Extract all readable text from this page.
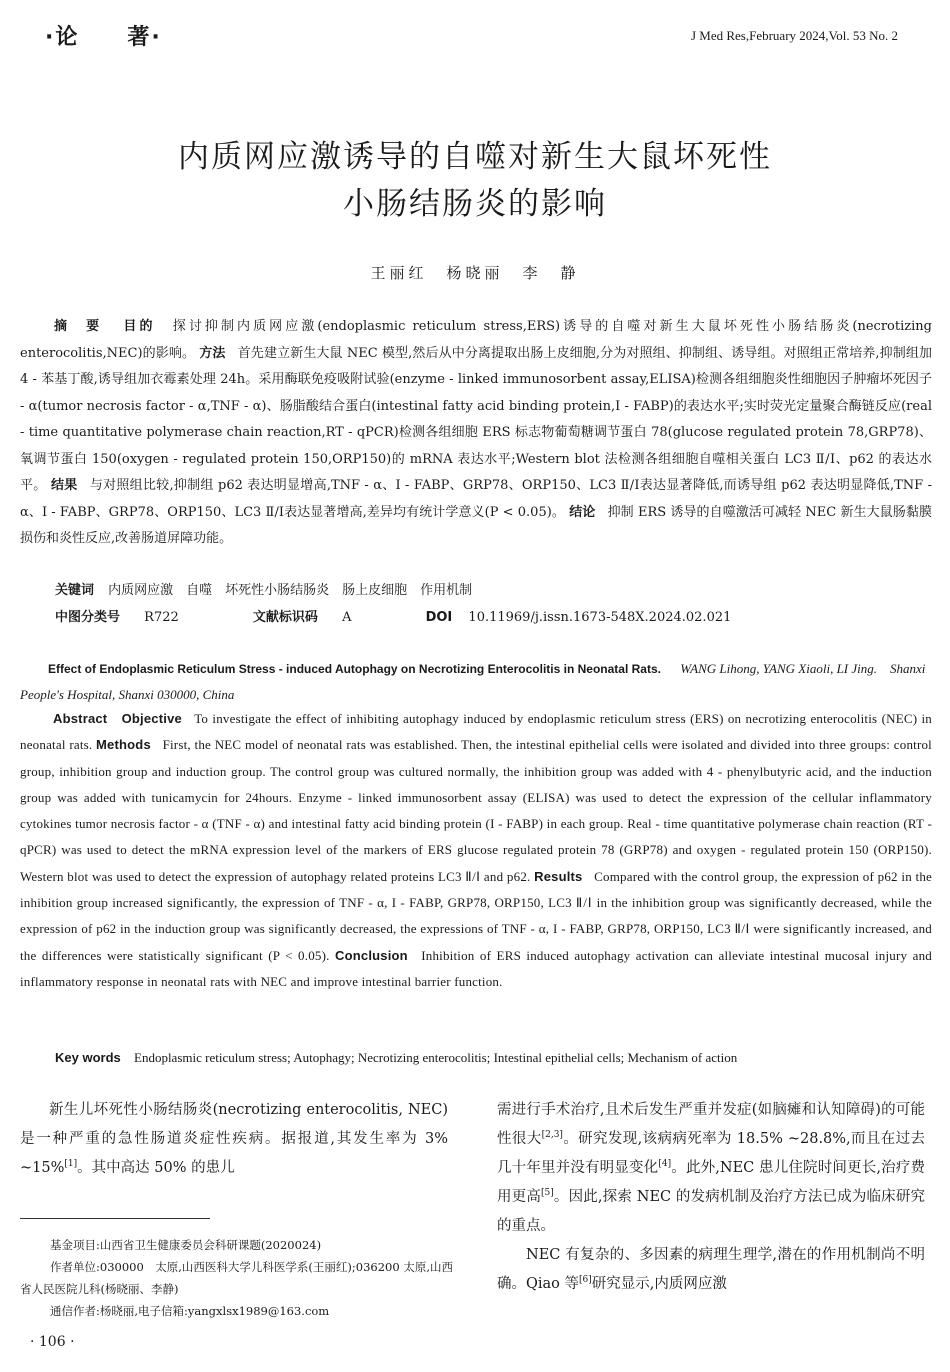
·论　　著·	J Med Res,February 2024,Vol. 53 No. 2
内质网应激诱导的自噬对新生大鼠坏死性
小肠结肠炎的影响
王丽红　杨晓丽　李　静
摘　要 目的 探讨抑制内质网应激(endoplasmic reticulum stress,ERS)诱导的自噬对新生大鼠坏死性小肠结肠炎(necrotizing enterocolitis,NEC)的影响。 方法 首先建立新生大鼠 NEC 模型,然后从中分离提取出肠上皮细胞,分为对照组、抑制组、诱导组。对照组正常培养,抑制组加 4 - 苯基丁酸,诱导组加衣霉素处理 24h。采用酶联免疫吸附试验(enzyme - linked immunosorbent assay,ELISA)检测各组细胞炎性细胞因子肿瘤坏死因子 - α(tumor necrosis factor - α,TNF - α)、肠脂酸结合蛋白(intestinal fatty acid binding protein,I - FABP)的表达水平;实时荧光定量聚合酶链反应(real - time quantitative polymerase chain reaction,RT - qPCR)检测各组细胞 ERS 标志物葡萄糖调节蛋白 78(glucose regulated protein 78,GRP78)、氧调节蛋白 150(oxygen - regulated protein 150,ORP150)的 mRNA 表达水平;Western blot 法检测各组细胞自噬相关蛋白 LC3 Ⅱ/Ⅰ、p62 的表达水平。 结果 与对照组比较,抑制组 p62 表达明显增高,TNF - α、I - FABP、GRP78、ORP150、LC3 Ⅱ/Ⅰ表达显著降低,而诱导组 p62 表达明显降低,TNF - α、I - FABP、GRP78、ORP150、LC3 Ⅱ/Ⅰ表达显著增高,差异均有统计学意义(P < 0.05)。 结论 抑制 ERS 诱导的自噬激活可减轻 NEC 新生大鼠肠黏膜损伤和炎性反应,改善肠道屏障功能。
关键词 内质网应激　自噬　坏死性小肠结肠炎　肠上皮细胞　作用机制
中图分类号 R722	文献标识码 A	DOI 10.11969/j.issn.1673-548X.2024.02.021
Effect of Endoplasmic Reticulum Stress - induced Autophagy on Necrotizing Enterocolitis in Neonatal Rats. WANG Lihong, YANG Xiaoli, LI Jing.　Shanxi People's Hospital, Shanxi 030000, China
Abstract Objective To investigate the effect of inhibiting autophagy induced by endoplasmic reticulum stress (ERS) on necrotizing enterocolitis (NEC) in neonatal rats. Methods First, the NEC model of neonatal rats was established. Then, the intestinal epithelial cells were isolated and divided into three groups: control group, inhibition group and induction group. The control group was cultured normally, the inhibition group was added with 4 - phenylbutyric acid, and the induction group was added with tunicamycin for 24hours. Enzyme - linked immunosorbent assay (ELISA) was used to detect the expression of the cellular inflammatory cytokines tumor necrosis factor - α (TNF - α) and intestinal fatty acid binding protein (I - FABP) in each group. Real - time quantitative polymerase chain reaction (RT - qPCR) was used to detect the mRNA expression level of the markers of ERS glucose regulated protein 78 (GRP78) and oxygen - regulated protein 150 (ORP150). Western blot was used to detect the expression of autophagy related proteins LC3 Ⅱ/Ⅰ and p62. Results Compared with the control group, the expression of p62 in the inhibition group increased significantly, the expression of TNF - α, I - FABP, GRP78, ORP150, LC3 Ⅱ/Ⅰ in the inhibition group was significantly decreased, while the expression of p62 in the induction group was significantly decreased, the expressions of TNF - α, I - FABP, GRP78, ORP150, LC3 Ⅱ/Ⅰ were significantly increased, and the differences were statistically significant (P < 0.05). Conclusion Inhibition of ERS induced autophagy activation can alleviate intestinal mucosal injury and inflammatory response in neonatal rats with NEC and improve intestinal barrier function.
Key words Endoplasmic reticulum stress; Autophagy; Necrotizing enterocolitis; Intestinal epithelial cells; Mechanism of action
新生儿坏死性小肠结肠炎(necrotizing enterocolitis, NEC)是一种严重的急性肠道炎症性疾病。据报道,其发生率为 3% ~15%[1]。其中高达 50% 的患儿
需进行手术治疗,且术后发生严重并发症(如脑瘫和认知障碍)的可能性很大[2,3]。研究发现,该病病死率为 18.5% ~28.8%,而且在过去几十年里并没有明显变化[4]。此外,NEC 患儿住院时间更长,治疗费用更高[5]。因此,探索 NEC 的发病机制及治疗方法已成为临床研究的重点。
NEC 有复杂的、多因素的病理生理学,潜在的作用机制尚不明确。Qiao 等[6]研究显示,内质网应激
基金项目:山西省卫生健康委员会科研课题(2020024)
作者单位:030000　太原,山西医科大学儿科医学系(王丽红);036200 太原,山西省人民医院儿科(杨晓丽、李静)
通信作者:杨晓丽,电子信箱:yangxlsx1989@163.com
· 106 ·
